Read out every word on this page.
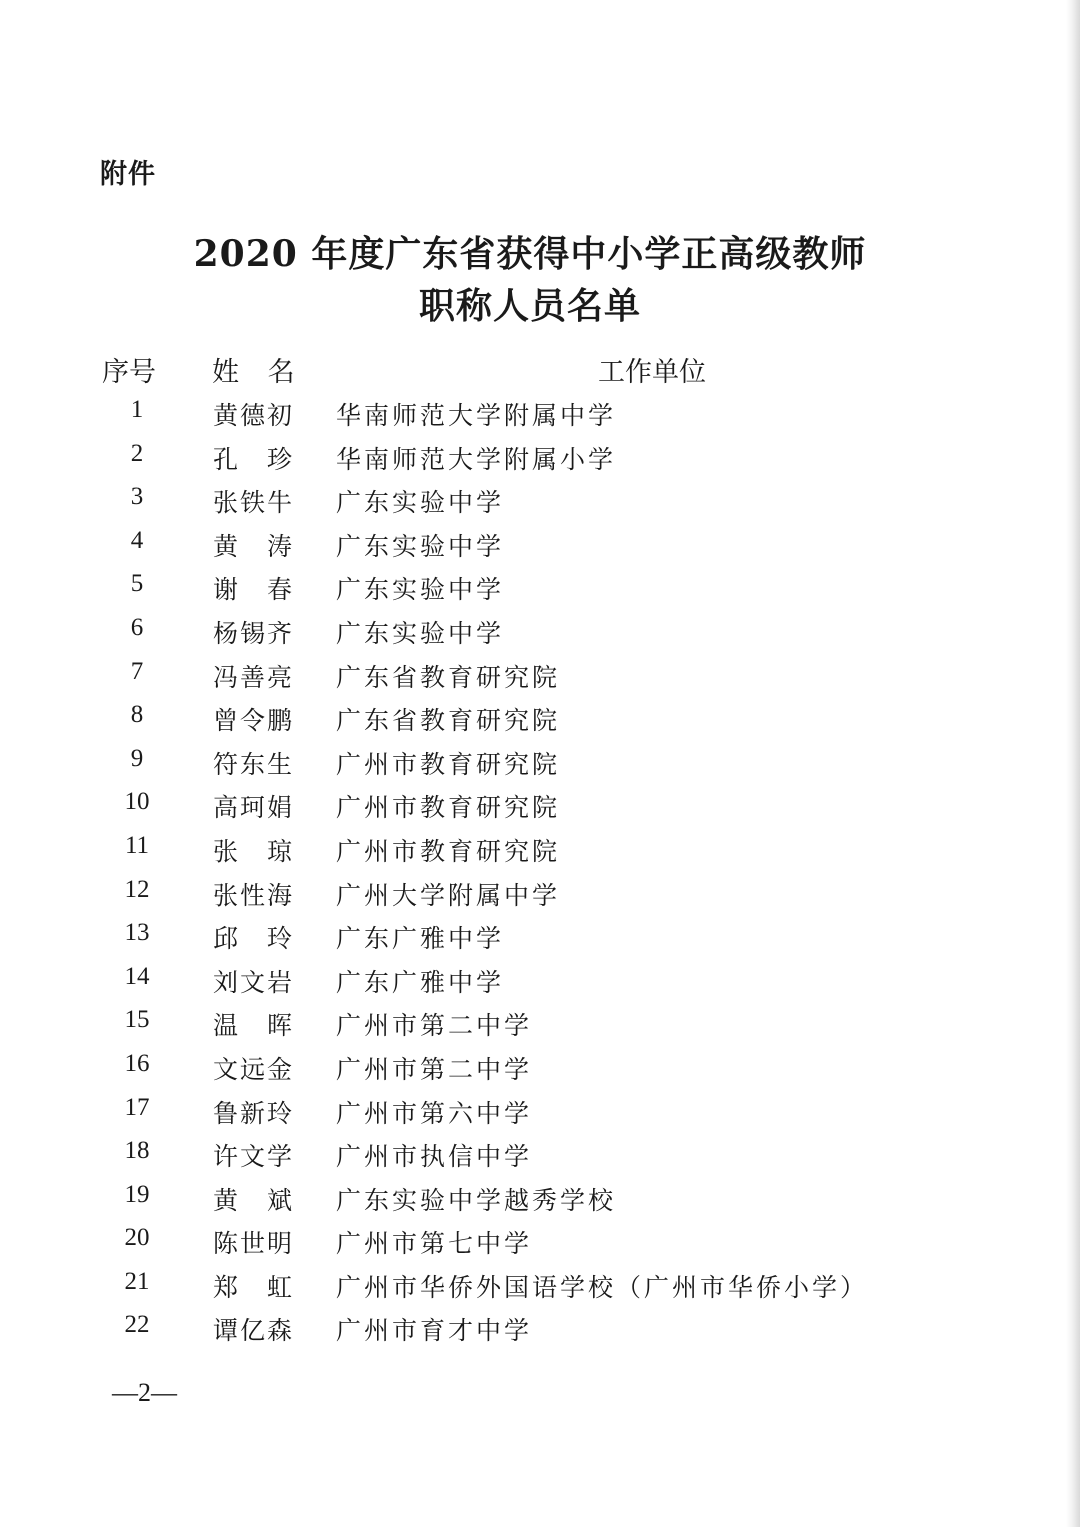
附件
2020 年度广东省获得中小学正高级教师
职称人员名单
序号 姓 名	工作单位
1	黄德初 华南师范大学附属中学
2	孔　珍 华南师范大学附属小学
3	张铁牛 广东实验中学
4	黄　涛 广东实验中学
5	谢　春 广东实验中学
6	杨锡齐 广东实验中学
7	冯善亮 广东省教育研究院
8	曾令鹏 广东省教育研究院
9	符东生 广州市教育研究院
10	高珂娟 广州市教育研究院
11	张　琼 广州市教育研究院
12	张性海 广州大学附属中学
13	邱　玲 广东广雅中学
14	刘文岩 广东广雅中学
15	温　晖 广州市第二中学
16	文远金 广州市第二中学
17	鲁新玲 广州市第六中学
18	许文学 广州市执信中学
19	黄　斌 广东实验中学越秀学校
20	陈世明 广州市第七中学
21	郑　虹 广州市华侨外国语学校（广州市华侨小学）
22	谭亿森 广州市育才中学
—2—
